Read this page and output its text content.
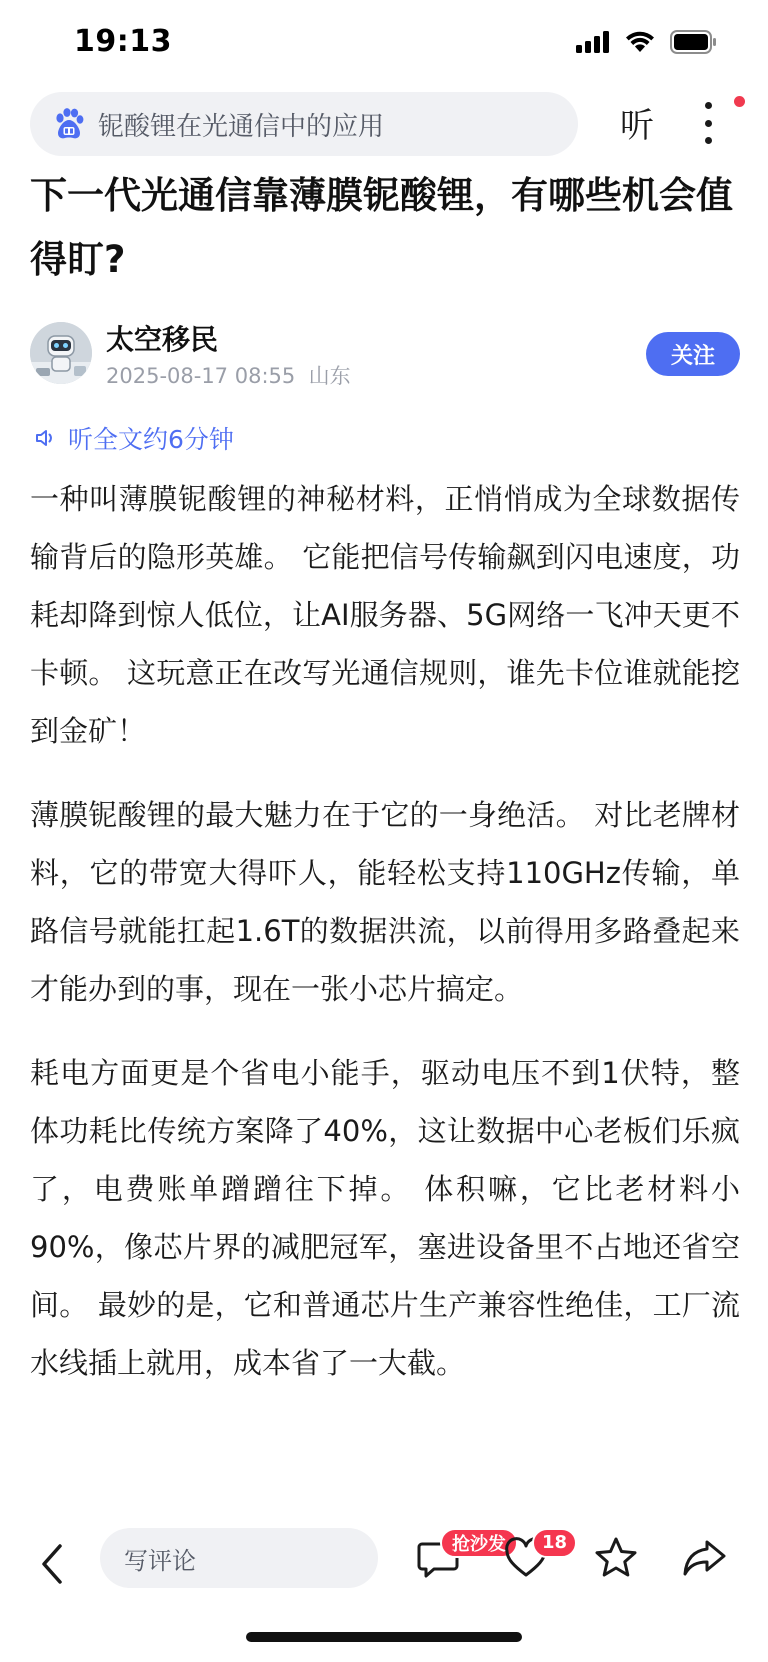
19:13
铌酸锂在光通信中的应用	听
下一代光通信靠薄膜铌酸锂，有哪些机会值得盯?
太空移民
2025-08-17 08:55 山东
关注
听全文约6分钟

一种叫薄膜铌酸锂的神秘材料，正悄悄成为全球数据传输背后的隐形英雄。 它能把信号传输飙到闪电速度，功耗却降到惊人低位，让AI服务器、5G网络一飞冲天更不卡顿。 这玩意正在改写光通信规则，谁先卡位谁就能挖到金矿！

薄膜铌酸锂的最大魅力在于它的一身绝活。 对比老牌材料，它的带宽大得吓人，能轻松支持110GHz传输，单路信号就能扛起1.6T的数据洪流，以前得用多路叠起来才能办到的事，现在一张小芯片搞定。

耗电方面更是个省电小能手，驱动电压不到1伏特，整体功耗比传统方案降了40%，这让数据中心老板们乐疯了，电费账单蹭蹭往下掉。 体积嘛，它比老材料小90%，像芯片界的减肥冠军，塞进设备里不占地还省空间。 最妙的是，它和普通芯片生产兼容性绝佳，工厂流水线插上就用，成本省了一大截。

写评论
抢沙发	18
